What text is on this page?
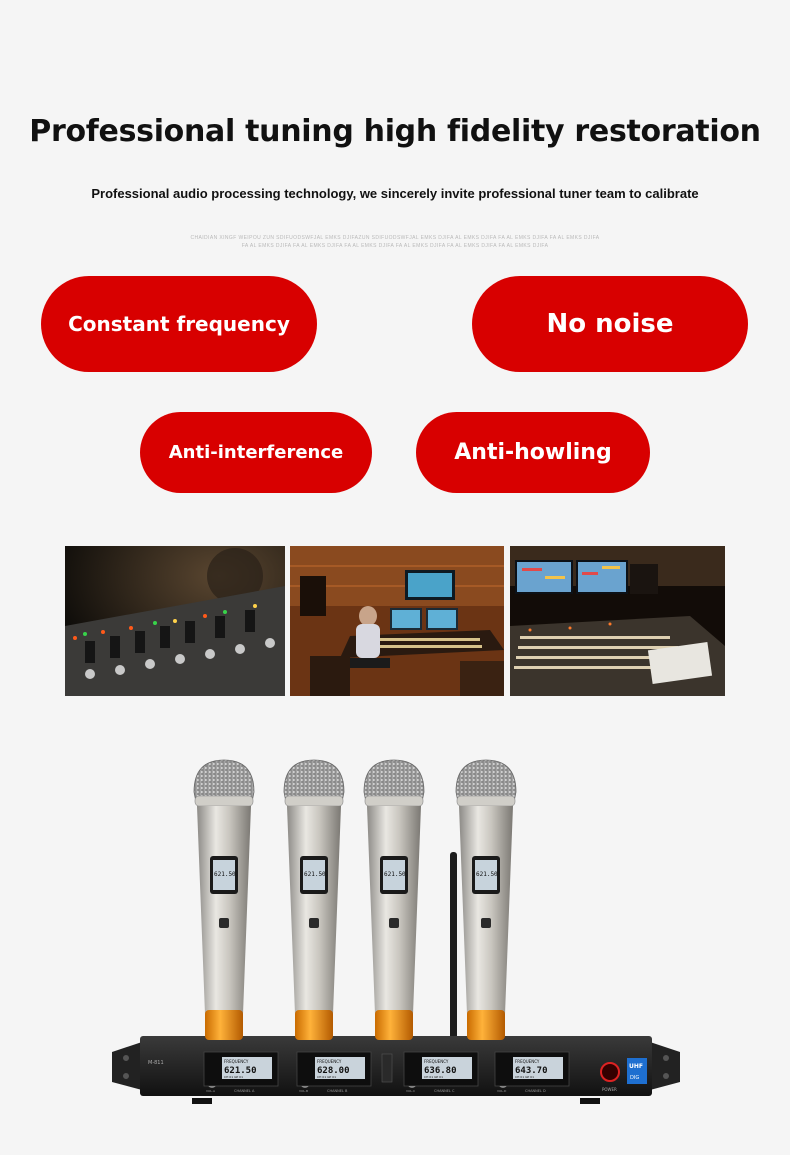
Professional tuning high fidelity restoration
Professional audio processing technology, we sincerely invite professional tuner team to calibrate
CHAIDIAN XINGF WEIPOU ZUN SDIFUODSWFJAL EMKS DJIFAZUN SDIFUODSWFJAL EMKS DJIFA AL EMKS DJIFA FA AL EMKS DJIFA FA AL EMKS DJIFA
FA AL EMKS DJIFA FA AL EMKS DJIFA FA AL EMKS DJIFA FA AL EMKS DJIFA FA AL EMKS DJIFA FA AL EMKS DJIFA
Constant frequency	No noise
Anti-interference	Anti-howling
M-811	FREQUENCY
621.50
CH 01 GP 01
CHANNEL A
VOL.A
FREQUENCY
628.00
CH 01 GP 01
CHANNEL B
VOL.B
FREQUENCY
636.80
CH 01 GP 01
CHANNEL C
VOL.C
FREQUENCY
643.70
CH 01 GP 01
CHANNEL D
VOL.D	POWER
UHF
DIG
621.50	621.50	621.50	621.50
